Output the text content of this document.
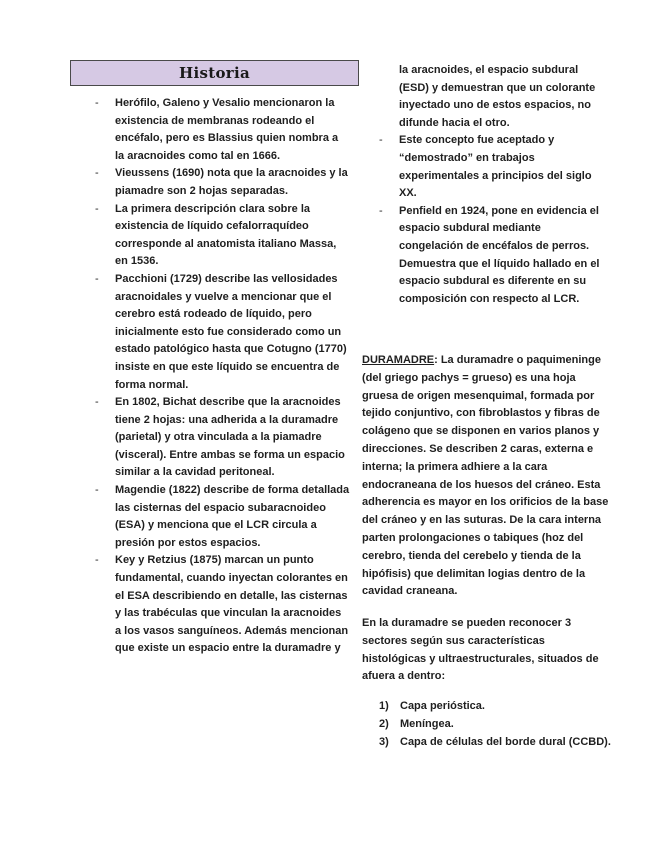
Historia
- Herófilo, Galeno y Vesalio mencionaron la existencia de membranas rodeando el encéfalo, pero es Blassius quien nombra a la aracnoides como tal en 1666.
- Vieussens (1690) nota que la aracnoides y la piamadre son 2 hojas separadas.
- La primera descripción clara sobre la existencia de líquido cefalorraquídeo corresponde al anatomista italiano Massa, en 1536.
- Pacchioni (1729) describe las vellosidades aracnoidales y vuelve a mencionar que el cerebro está rodeado de líquido, pero inicialmente esto fue considerado como un estado patológico hasta que Cotugno (1770) insiste en que este líquido se encuentra de forma normal.
- En 1802, Bichat describe que la aracnoides tiene 2 hojas: una adherida a la duramadre (parietal) y otra vinculada a la piamadre (visceral). Entre ambas se forma un espacio similar a la cavidad peritoneal.
- Magendie (1822) describe de forma detallada las cisternas del espacio subaracnoideo (ESA) y menciona que el LCR circula a presión por estos espacios.
- Key y Retzius (1875) marcan un punto fundamental, cuando inyectan colorantes en el ESA describiendo en detalle, las cisternas y las trabéculas que vinculan la aracnoides a los vasos sanguíneos. Además mencionan que existe un espacio entre la duramadre y
la aracnoides, el espacio subdural (ESD) y demuestran que un colorante inyectado uno de estos espacios, no difunde hacia el otro.
- Este concepto fue aceptado y “demostrado” en trabajos experimentales a principios del siglo XX.
- Penfield en 1924, pone en evidencia el espacio subdural mediante congelación de encéfalos de perros. Demuestra que el líquido hallado en el espacio subdural es diferente en su composición con respecto al LCR.

DURAMADRE: La duramadre o paquimeninge (del griego pachys = grueso) es una hoja gruesa de origen mesenquimal, formada por tejido conjuntivo, con fibroblastos y fibras de colágeno que se disponen en varios planos y direcciones. Se describen 2 caras, externa e interna; la primera adhiere a la cara endocraneana de los huesos del cráneo. Esta adherencia es mayor en los orificios de la base del cráneo y en las suturas. De la cara interna parten prolongaciones o tabiques (hoz del cerebro, tienda del cerebelo y tienda de la hipófisis) que delimitan logias dentro de la cavidad craneana.

En la duramadre se pueden reconocer 3 sectores según sus características histológicas y ultraestructurales, situados de afuera a dentro:

1) Capa perióstica.
2) Meníngea.
3) Capa de células del borde dural (CCBD).
